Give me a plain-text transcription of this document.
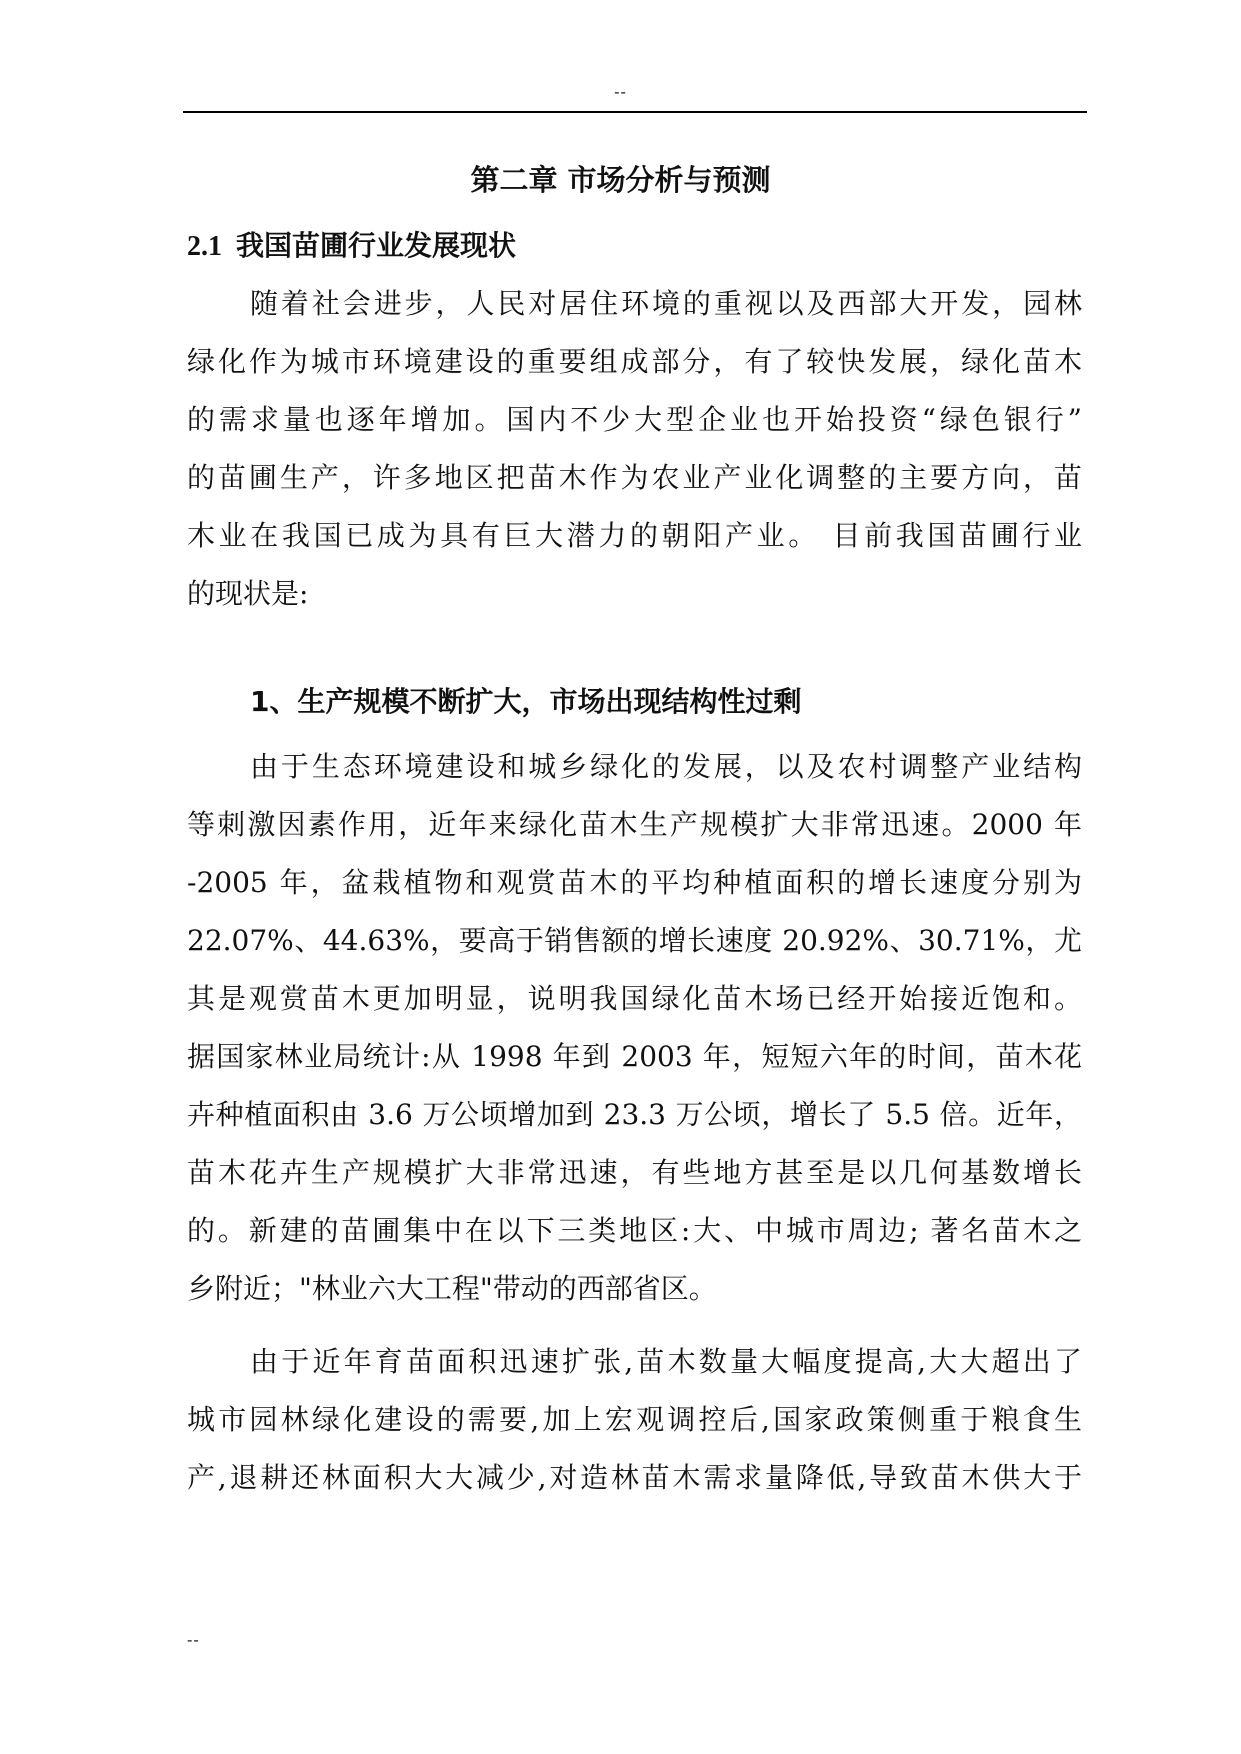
--
第二章 市场分析与预测
2.1 我国苗圃行业发展现状
随着社会进步，人民对居住环境的重视以及西部大开发，园林
绿化作为城市环境建设的重要组成部分，有了较快发展，绿化苗木
的需求量也逐年增加。国内不少大型企业也开始投资“绿色银行”
的苗圃生产，许多地区把苗木作为农业产业化调整的主要方向，苗
木业在我国已成为具有巨大潜力的朝阳产业。 目前我国苗圃行业
的现状是:
1、生产规模不断扩大，市场出现结构性过剩
由于生态环境建设和城乡绿化的发展，以及农村调整产业结构
等刺激因素作用，近年来绿化苗木生产规模扩大非常迅速。2000 年
-2005 年，盆栽植物和观赏苗木的平均种植面积的增长速度分别为
22.07%、44.63%，要高于销售额的增长速度 20.92%、30.71%，尤
其是观赏苗木更加明显，说明我国绿化苗木场已经开始接近饱和。
据国家林业局统计:从 1998 年到 2003 年，短短六年的时间，苗木花
卉种植面积由 3.6 万公顷增加到 23.3 万公顷，增长了 5.5 倍。近年，
苗木花卉生产规模扩大非常迅速，有些地方甚至是以几何基数增长
的。新建的苗圃集中在以下三类地区:大、中城市周边; 著名苗木之
乡附近；"林业六大工程"带动的西部省区。
由于近年育苗面积迅速扩张,苗木数量大幅度提高,大大超出了
城市园林绿化建设的需要,加上宏观调控后,国家政策侧重于粮食生
产,退耕还林面积大大减少,对造林苗木需求量降低,导致苗木供大于
--
